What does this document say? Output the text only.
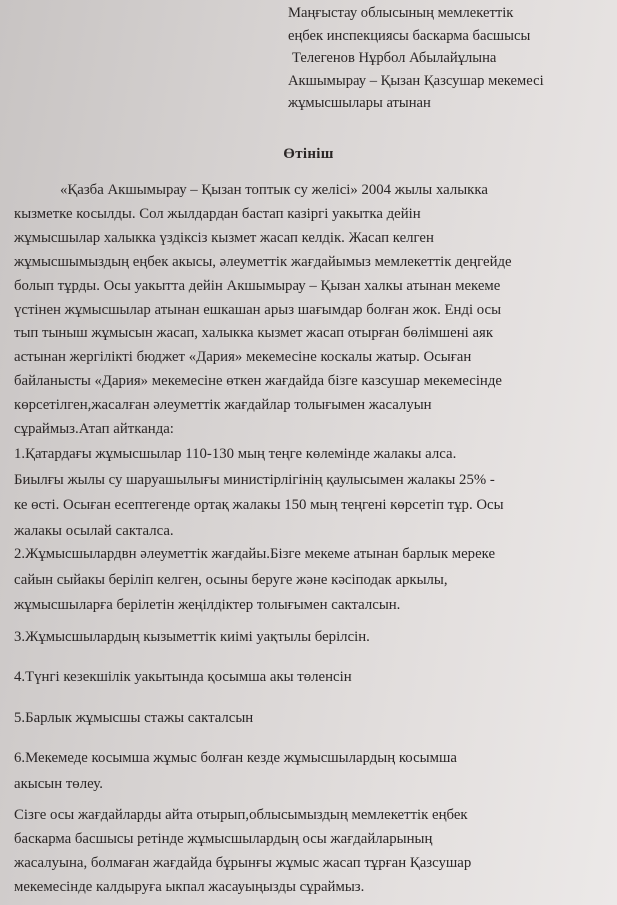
Маңғыстау облысының мемлекеттік
еңбек инспекциясы баскарма басшысы
Телегенов Нұрбол Абылайұлына
Акшымырау – Қызан Қазсушар мекемесі
жұмысшылары атынан
Өтініш
«Қазба Акшымырау – Қызан топтык су желісі» 2004 жылы халыкка
кызметке косылды. Сол жылдардан бастап казіргі уакытка дейін
жұмысшылар халыкка үздіксіз кызмет жасап келдік. Жасап келген
жұмысшымыздың еңбек акысы, әлеуметтік жағдайымыз мемлекеттік деңгейде
болып тұрды. Осы уакытта дейін Акшымырау – Қызан халкы атынан мекеме
үстінен жұмысшылар атынан ешкашан арыз шағымдар болған жок. Енді осы
тып тыныш жұмысын жасап, халыкка кызмет жасап отырған бөлімшені аяк
астынан жергілікті бюджет «Дария» мекемесіне коскалы жатыр. Осыған
байланысты «Дария» мекемесіне өткен жағдайда бізге казсушар мекемесінде
көрсетілген,жасалған әлеуметтік жағдайлар толығымен жасалуын
сұраймыз.Атап айтканда:
1.Қатардағы жұмысшылар 110-130 мың теңге көлемінде жалакы алса.
Биылғы жылы су шаруашылығы министірлігінің қаулысымен жалакы 25% -
ке өсті. Осыған есептегенде ортақ жалакы 150 мың теңгені көрсетіп тұр. Осы
жалакы осылай сакталса.
2.Жұмысшылардвн әлеуметтік жағдайы.Бізге мекеме атынан барлык мереке
сайын сыйакы беріліп келген, осыны беруге және кәсіподак аркылы,
жұмысшыларға берілетін жеңілдіктер толығымен сакталсын.
3.Жұмысшылардың кызыметтік киімі уақтылы берілсін.
4.Түнгі кезекшілік уакытында қосымша акы төленсін
5.Барлык жұмысшы стажы сакталсын
6.Мекемеде косымша жұмыс болған кезде жұмысшылардың косымша
акысын төлеу.
Сізге осы жағдайларды айта отырып,облысымыздың мемлекеттік еңбек
баскарма басшысы ретінде жұмысшылардың осы жағдайларының
жасалуына, болмаған жағдайда бұрынғы жұмыс жасап тұрған Қазсушар
мекемесінде калдыруға ыкпал жасауыңызды сұраймыз.
